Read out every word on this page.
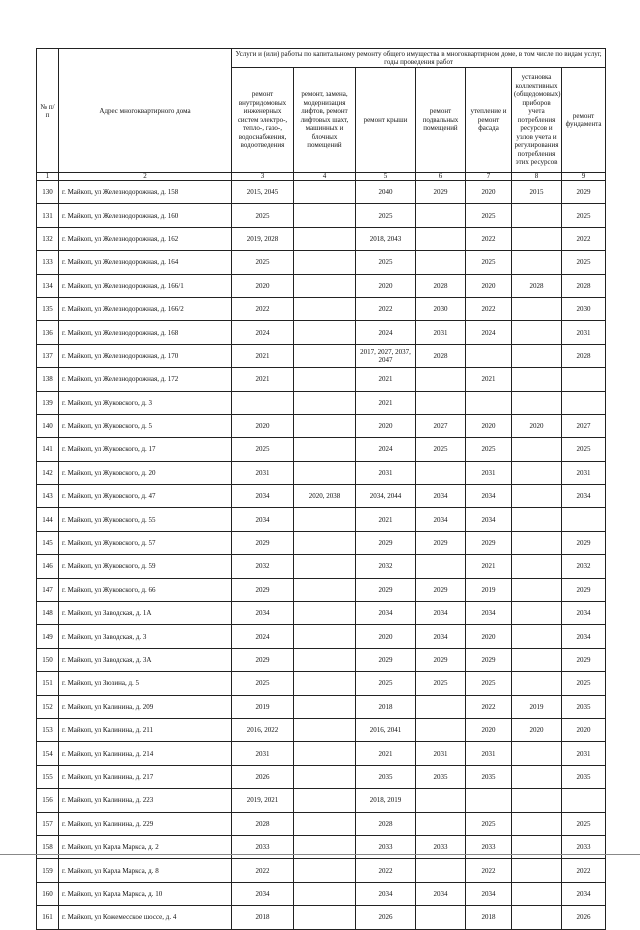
№ п/п	Адрес многоквартирного дома	Услуги и (или) работы по капитальному ремонту общего имущества в многоквартирном доме, в том числе по видам услуг, годы проведения работ						
		ремонт внутридомовых инженерных систем электро-, тепло-, газо-, водоснабжения, водоотведения	ремонт, замена, модернизация лифтов, ремонт лифтовых шахт, машинных и блочных помещений	ремонт крыши	ремонт подвальных помещений	утепление и ремонт фасада	установка коллективных (общедомовых) приборов учета потребления ресурсов и узлов учета и регулирования потребления этих ресурсов	ремонт фундамента
1	2	3	4	5	6	7	8	9
130	г. Майкоп, ул Железнодорожная, д. 158	2015, 2045		2040	2029	2020	2015	2029
131	г. Майкоп, ул Железнодорожная, д. 160	2025		2025		2025		2025
132	г. Майкоп, ул Железнодорожная, д. 162	2019, 2028		2018, 2043		2022		2022
133	г. Майкоп, ул Железнодорожная, д. 164	2025		2025		2025		2025
134	г. Майкоп, ул Железнодорожная, д. 166/1	2020		2020	2028	2020	2028	2028
135	г. Майкоп, ул Железнодорожная, д. 166/2	2022		2022	2030	2022		2030
136	г. Майкоп, ул Железнодорожная, д. 168	2024		2024	2031	2024		2031
137	г. Майкоп, ул Железнодорожная, д. 170	2021		2017, 2027, 2037, 2047	2028			2028
138	г. Майкоп, ул Железнодорожная, д. 172	2021		2021		2021		
139	г. Майкоп, ул Жуковского, д. 3			2021				
140	г. Майкоп, ул Жуковского, д. 5	2020		2020	2027	2020	2020	2027
141	г. Майкоп, ул Жуковского, д. 17	2025		2024	2025	2025		2025
142	г. Майкоп, ул Жуковского, д. 20	2031		2031		2031		2031
143	г. Майкоп, ул Жуковского, д. 47	2034	2020, 2038	2034, 2044	2034	2034		2034
144	г. Майкоп, ул Жуковского, д. 55	2034		2021	2034	2034		
145	г. Майкоп, ул Жуковского, д. 57	2029		2029	2029	2029		2029
146	г. Майкоп, ул Жуковского, д. 59	2032		2032		2021		2032
147	г. Майкоп, ул Жуковского, д. 66	2029		2029	2029	2019		2029
148	г. Майкоп, ул Заводская, д. 1А	2034		2034	2034	2034		2034
149	г. Майкоп, ул Заводская, д. 3	2024		2020	2034	2020		2034
150	г. Майкоп, ул Заводская, д. 3А	2029		2029	2029	2029		2029
151	г. Майкоп, ул Зюзина, д. 5	2025		2025	2025	2025		2025
152	г. Майкоп, ул Калинина, д. 209	2019		2018		2022	2019	2035
153	г. Майкоп, ул Калинина, д. 211	2016, 2022		2016, 2041		2020	2020	2020
154	г. Майкоп, ул Калинина, д. 214	2031		2021	2031	2031		2031
155	г. Майкоп, ул Калинина, д. 217	2026		2035	2035	2035		2035
156	г. Майкоп, ул Калинина, д. 223	2019, 2021		2018, 2019				
157	г. Майкоп, ул Калинина, д. 229	2028		2028		2025		2025
158	г. Майкоп, ул Карла Маркса, д. 2	2033		2033	2033	2033		2033
159	г. Майкоп, ул Карла Маркса, д. 8	2022		2022		2022		2022
160	г. Майкоп, ул Карла Маркса, д. 10	2034		2034	2034	2034		2034
161	г. Майкоп, ул Кожемесское шоссе, д. 4	2018		2026		2018		2026
